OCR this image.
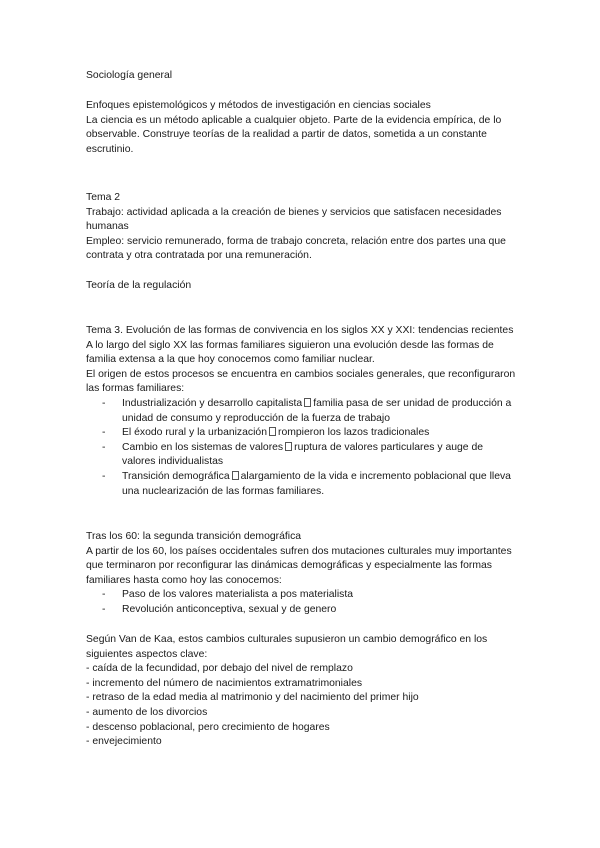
Sociología general

Enfoques epistemológicos y métodos de investigación en ciencias sociales

La ciencia es un método aplicable a cualquier objeto. Parte de la evidencia empírica, de lo observable. Construye teorías de la realidad a partir de datos, sometida a un constante escrutinio.

Tema 2

Trabajo: actividad aplicada a la creación de bienes y servicios que satisfacen necesidades humanas

Empleo: servicio remunerado, forma de trabajo concreta, relación entre dos partes una que contrata y otra contratada por una remuneración.

Teoría de la regulación

Tema 3. Evolución de las formas de convivencia en los siglos XX y XXI: tendencias recientes

A lo largo del siglo XX las formas familiares siguieron una evolución desde las formas de familia extensa a la que hoy conocemos como familiar nuclear.

El origen de estos procesos se encuentra en cambios sociales generales, que reconfiguraron las formas familiares:

- Industrialización y desarrollo capitalista familia pasa de ser unidad de producción a unidad de consumo y reproducción de la fuerza de trabajo
- El éxodo rural y la urbanización rompieron los lazos tradicionales
- Cambio en los sistemas de valores ruptura de valores particulares y auge de valores individualistas
- Transición demográfica alargamiento de la vida e incremento poblacional que lleva una nuclearización de las formas familiares.

Tras los 60: la segunda transición demográfica

A partir de los 60, los países occidentales sufren dos mutaciones culturales muy importantes que terminaron por reconfigurar las dinámicas demográficas y especialmente las formas familiares hasta como hoy las conocemos:

- Paso de los valores materialista a pos materialista
- Revolución anticonceptiva, sexual y de genero

Según Van de Kaa, estos cambios culturales supusieron un cambio demográfico en los siguientes aspectos clave:

- caída de la fecundidad, por debajo del nivel de remplazo

- incremento del número de nacimientos extramatrimoniales

- retraso de la edad media al matrimonio y del nacimiento del primer hijo

- aumento de los divorcios

- descenso poblacional, pero crecimiento de hogares

- envejecimiento
